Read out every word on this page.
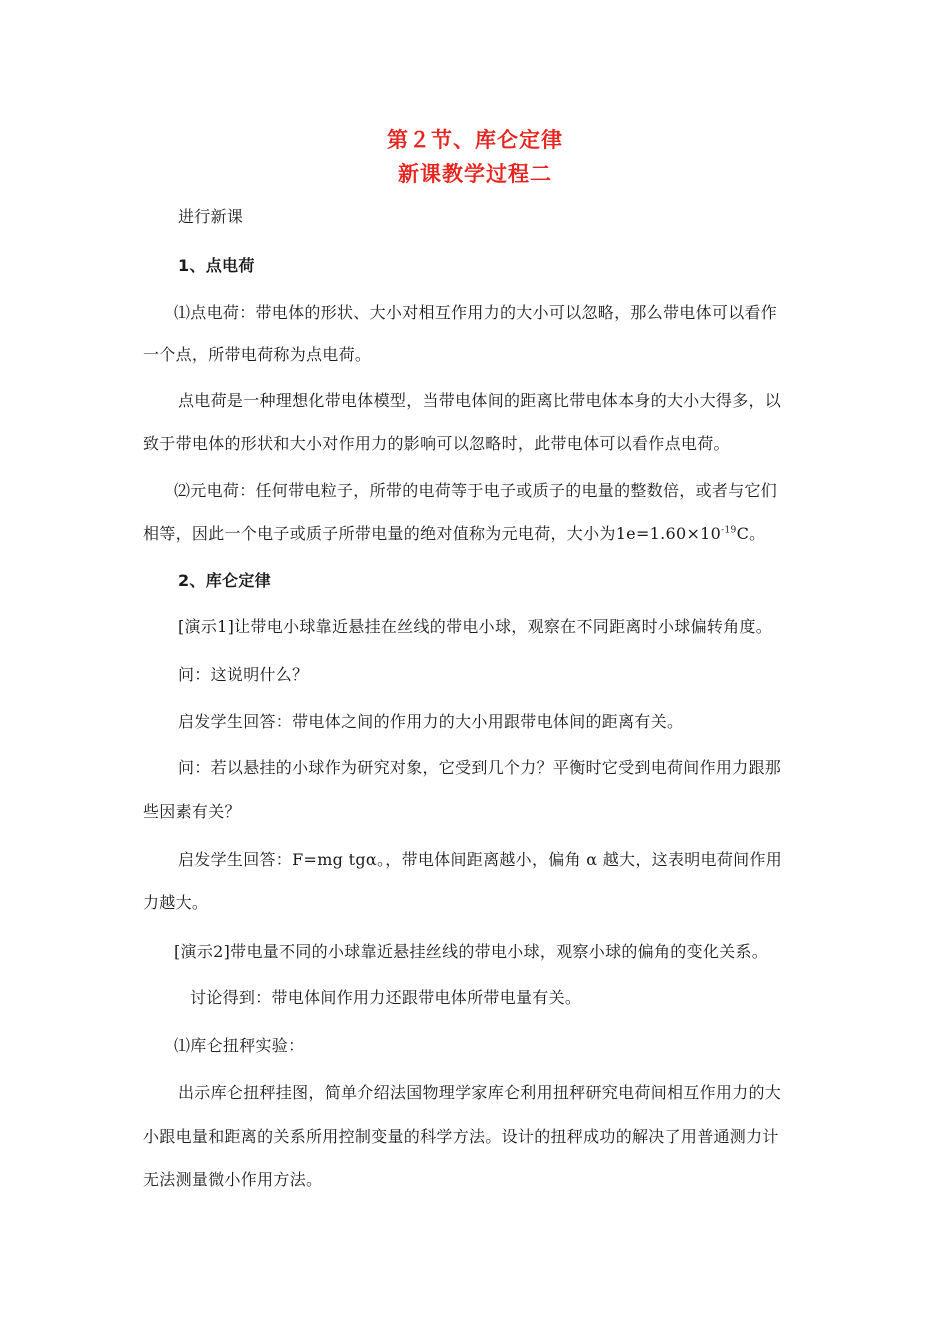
第２节、库仑定律
新课教学过程二
进行新课
1、点电荷
⑴点电荷：带电体的形状、大小对相互作用力的大小可以忽略，那么带电体可以看作
一个点，所带电荷称为点电荷。
点电荷是一种理想化带电体模型，当带电体间的距离比带电体本身的大小大得多，以
致于带电体的形状和大小对作用力的影响可以忽略时，此带电体可以看作点电荷。
⑵元电荷：任何带电粒子，所带的电荷等于电子或质子的电量的整数倍，或者与它们
相等，因此一个电子或质子所带电量的绝对值称为元电荷，大小为$1e=1.60\times 10^{-19}C$。
2、库仑定律
[演示1]让带电小球靠近悬挂在丝线的带电小球，观察在不同距离时小球偏转角度。
问：这说明什么？
启发学生回答：带电体之间的作用力的大小用跟带电体间的距离有关。
问：若以悬挂的小球作为研究对象，它受到几个力？平衡时它受到电荷间作用力跟那
些因素有关？
启发学生回答：F=mg tgα。，带电体间距离越小，偏角 α 越大，这表明电荷间作用
力越大。
[演示2]带电量不同的小球靠近悬挂丝线的带电小球，观察小球的偏角的变化关系。
讨论得到：带电体间作用力还跟带电体所带电量有关。
⑴库仑扭秤实验：
出示库仑扭秤挂图，简单介绍法国物理学家库仑利用扭秤研究电荷间相互作用力的大
小跟电量和距离的关系所用控制变量的科学方法。设计的扭秤成功的解决了用普通测力计
无法测量微小作用方法。
